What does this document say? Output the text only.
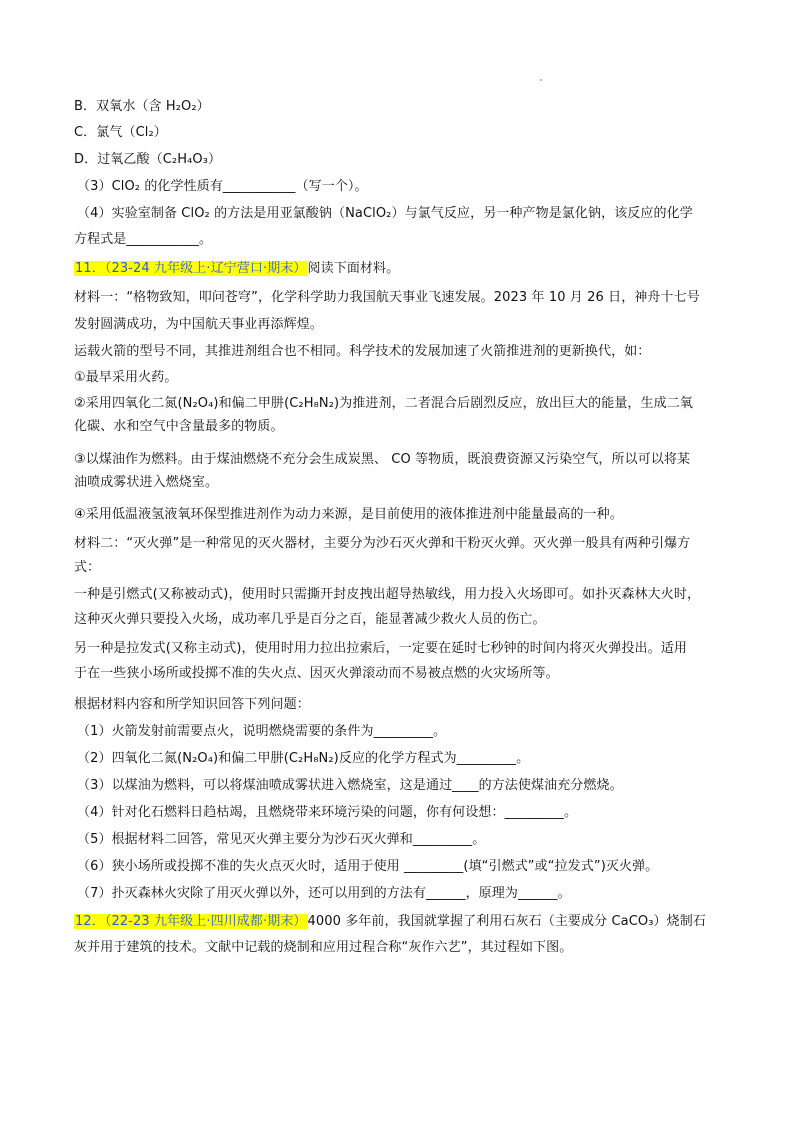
B．双氧水（含 H₂O₂）
C．氯气（Cl₂）
D．过氧乙酸（C₂H₄O₃）
（3）ClO₂ 的化学性质有___________（写一个）。
（4）实验室制备 ClO₂ 的方法是用亚氯酸钠（NaClO₂）与氯气反应，另一种产物是氯化钠，该反应的化学
方程式是___________。
11．（23-24 九年级上·辽宁营口·期末）阅读下面材料。
材料一：“格物致知，叩问苍穹”，化学科学助力我国航天事业飞速发展。2023 年 10 月 26 日，神舟十七号
发射圆满成功，为中国航天事业再添辉煌。
运载火箭的型号不同，其推进剂组合也不相同。科学技术的发展加速了火箭推进剂的更新换代，如：
①最早采用火药。
②采用四氧化二氮(N₂O₄)和偏二甲肼(C₂H₈N₂)为推进剂，二者混合后剧烈反应，放出巨大的能量，生成二氧
化碳、水和空气中含量最多的物质。
③以煤油作为燃料。由于煤油燃烧不充分会生成炭黑、 CO 等物质，既浪费资源又污染空气，所以可以将某
油喷成雾状进入燃烧室。
④采用低温液氢液氧环保型推进剂作为动力来源，是目前使用的液体推进剂中能量最高的一种。
材料二：“灭火弹”是一种常见的灭火器材，主要分为沙石灭火弹和干粉灭火弹。灭火弹一般具有两种引爆方
式：
一种是引燃式(又称被动式)，使用时只需撕开封皮拽出超导热敏线，用力投入火场即可。如扑灭森林大火时，
这种灭火弹只要投入火场，成功率几乎是百分之百，能显著减少救火人员的伤亡。
另一种是拉发式(又称主动式)，使用时用力拉出拉索后，一定要在延时七秒钟的时间内将灭火弹投出。适用
于在一些狭小场所或投掷不准的失火点、因灭火弹滚动而不易被点燃的火灾场所等。
根据材料内容和所学知识回答下列问题：
（1）火箭发射前需要点火，说明燃烧需要的条件为_________。
（2）四氧化二氮(N₂O₄)和偏二甲肼(C₂H₈N₂)反应的化学方程式为_________。
（3）以煤油为燃料，可以将煤油喷成雾状进入燃烧室，这是通过____的方法使煤油充分燃烧。
（4）针对化石燃料日趋枯竭，且燃烧带来环境污染的问题，你有何设想：_________。
（5）根据材料二回答，常见灭火弹主要分为沙石灭火弹和_________。
（6）狭小场所或投掷不准的失火点灭火时，适用于使用 _________(填“引燃式”或“拉发式”)灭火弹。
（7）扑灭森林火灾除了用灭火弹以外，还可以用到的方法有______，原理为______。
12．（22-23 九年级上·四川成都·期末）4000 多年前，我国就掌握了利用石灰石（主要成分 CaCO₃）烧制石
灰并用于建筑的技术。文献中记载的烧制和应用过程合称“灰作六艺”，其过程如下图。
